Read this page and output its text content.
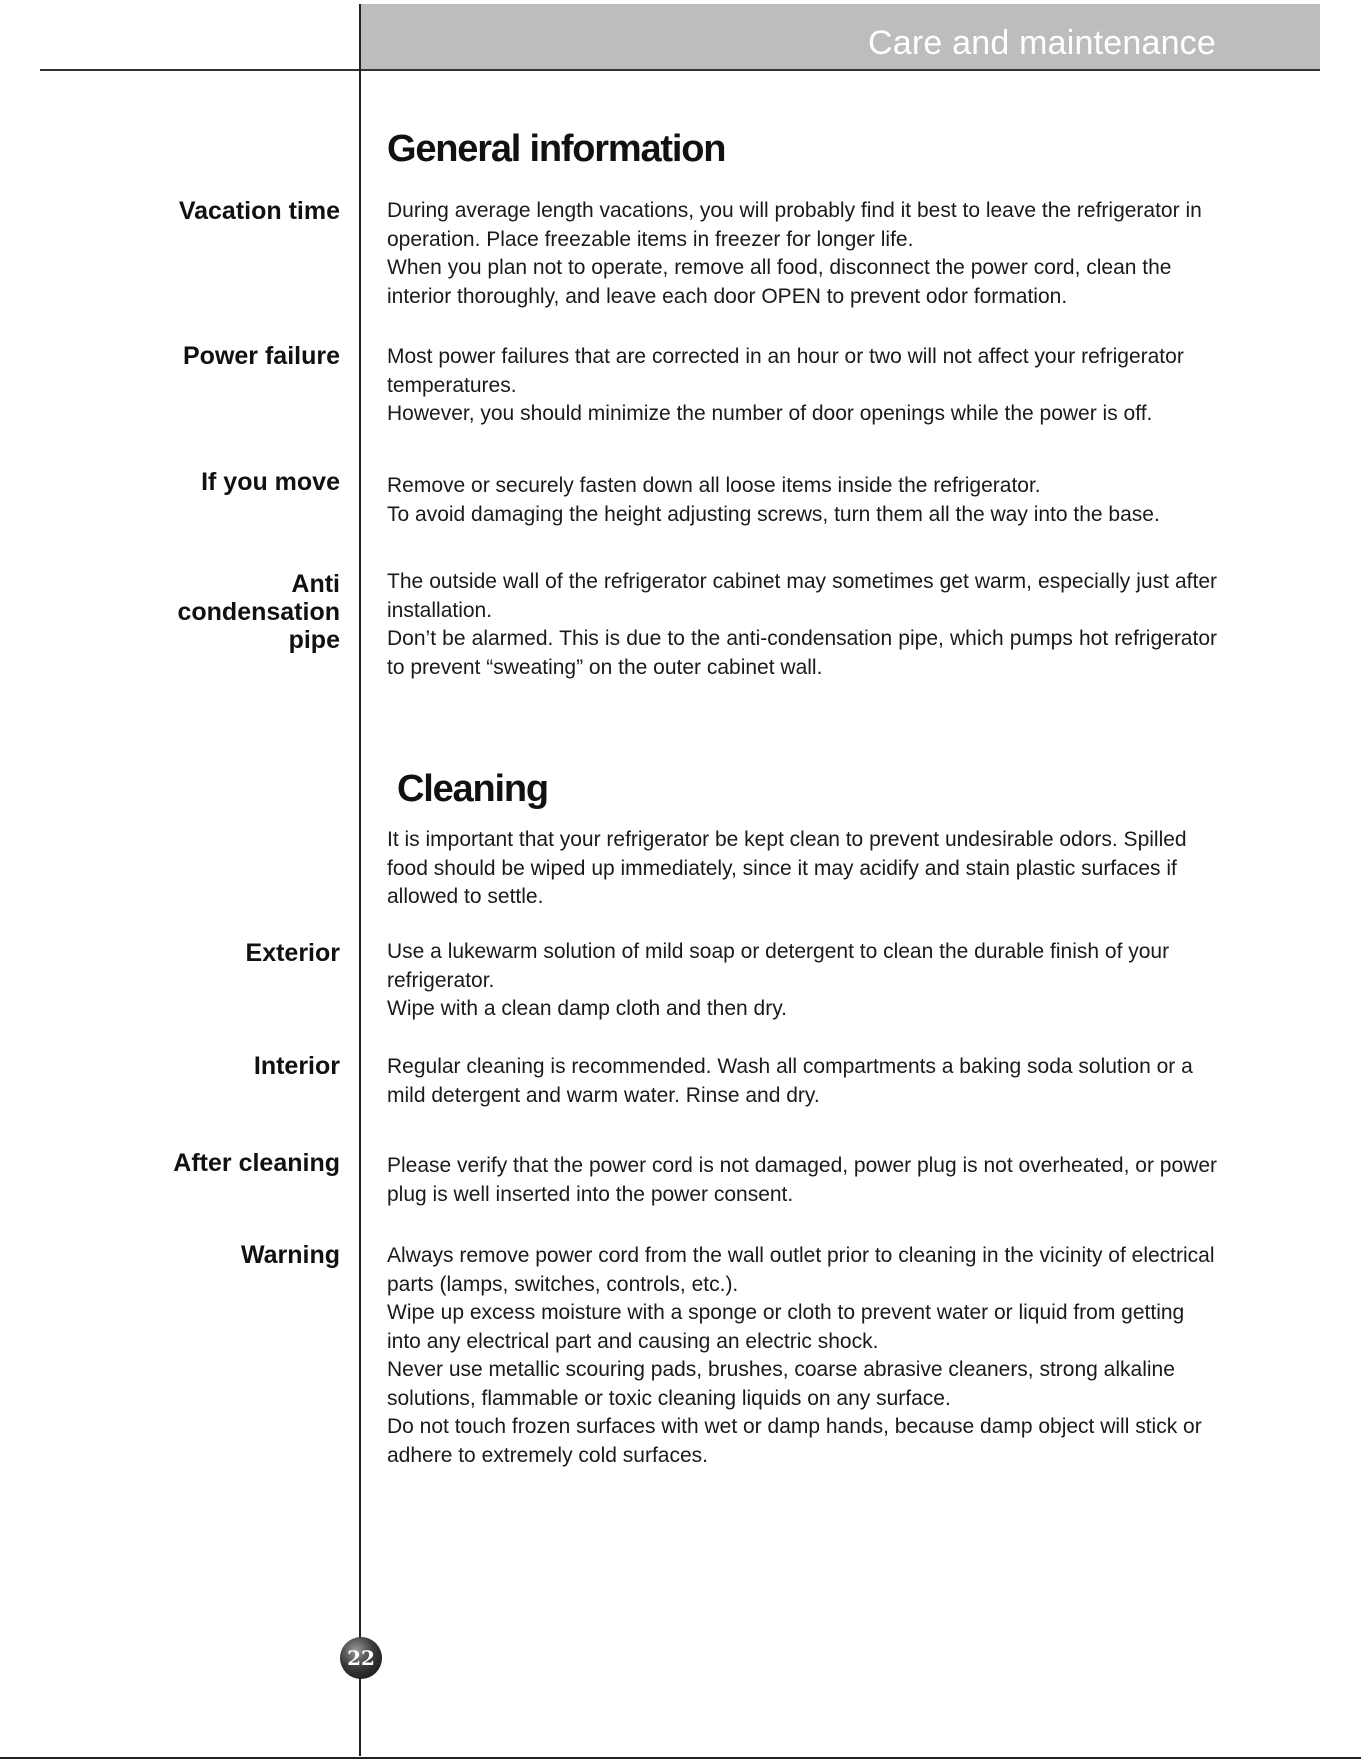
Care and maintenance
General information
Vacation time During average length vacations, you will probably find it best to leave the refrigerator in operation. Place freezable items in freezer for longer life.

When you plan not to operate, remove all food, disconnect the power cord, clean the interior thoroughly, and leave each door OPEN to prevent odor formation.

Power failure Most power failures that are corrected in an hour or two will not affect your refrigerator temperatures.

However, you should minimize the number of door openings while the power is off.

If you move Remove or securely fasten down all loose items inside the refrigerator.

To avoid damaging the height adjusting screws, turn them all the way into the base.

Anti
condensation
pipe

The outside wall of the refrigerator cabinet may sometimes get warm, especially just after installation.

Don’t be alarmed. This is due to the anti-condensation pipe, which pumps hot refrigerator to prevent “sweating” on the outer cabinet wall.

Cleaning

It is important that your refrigerator be kept clean to prevent undesirable odors. Spilled food should be wiped up immediately, since it may acidify and stain plastic surfaces if allowed to settle.

Exterior Use a lukewarm solution of mild soap or detergent to clean the durable finish of your refrigerator.

Wipe with a clean damp cloth and then dry.

Interior Regular cleaning is recommended. Wash all compartments a baking soda solution or a mild detergent and warm water. Rinse and dry.

After cleaning Please verify that the power cord is not damaged, power plug is not overheated, or power plug is well inserted into the power consent.

Warning Always remove power cord from the wall outlet prior to cleaning in the vicinity of electrical parts (lamps, switches, controls, etc.).

Wipe up excess moisture with a sponge or cloth to prevent water or liquid from getting into any electrical part and causing an electric shock.

Never use metallic scouring pads, brushes, coarse abrasive cleaners, strong alkaline solutions, flammable or toxic cleaning liquids on any surface.

Do not touch frozen surfaces with wet or damp hands, because damp object will stick or adhere to extremely cold surfaces.

22
